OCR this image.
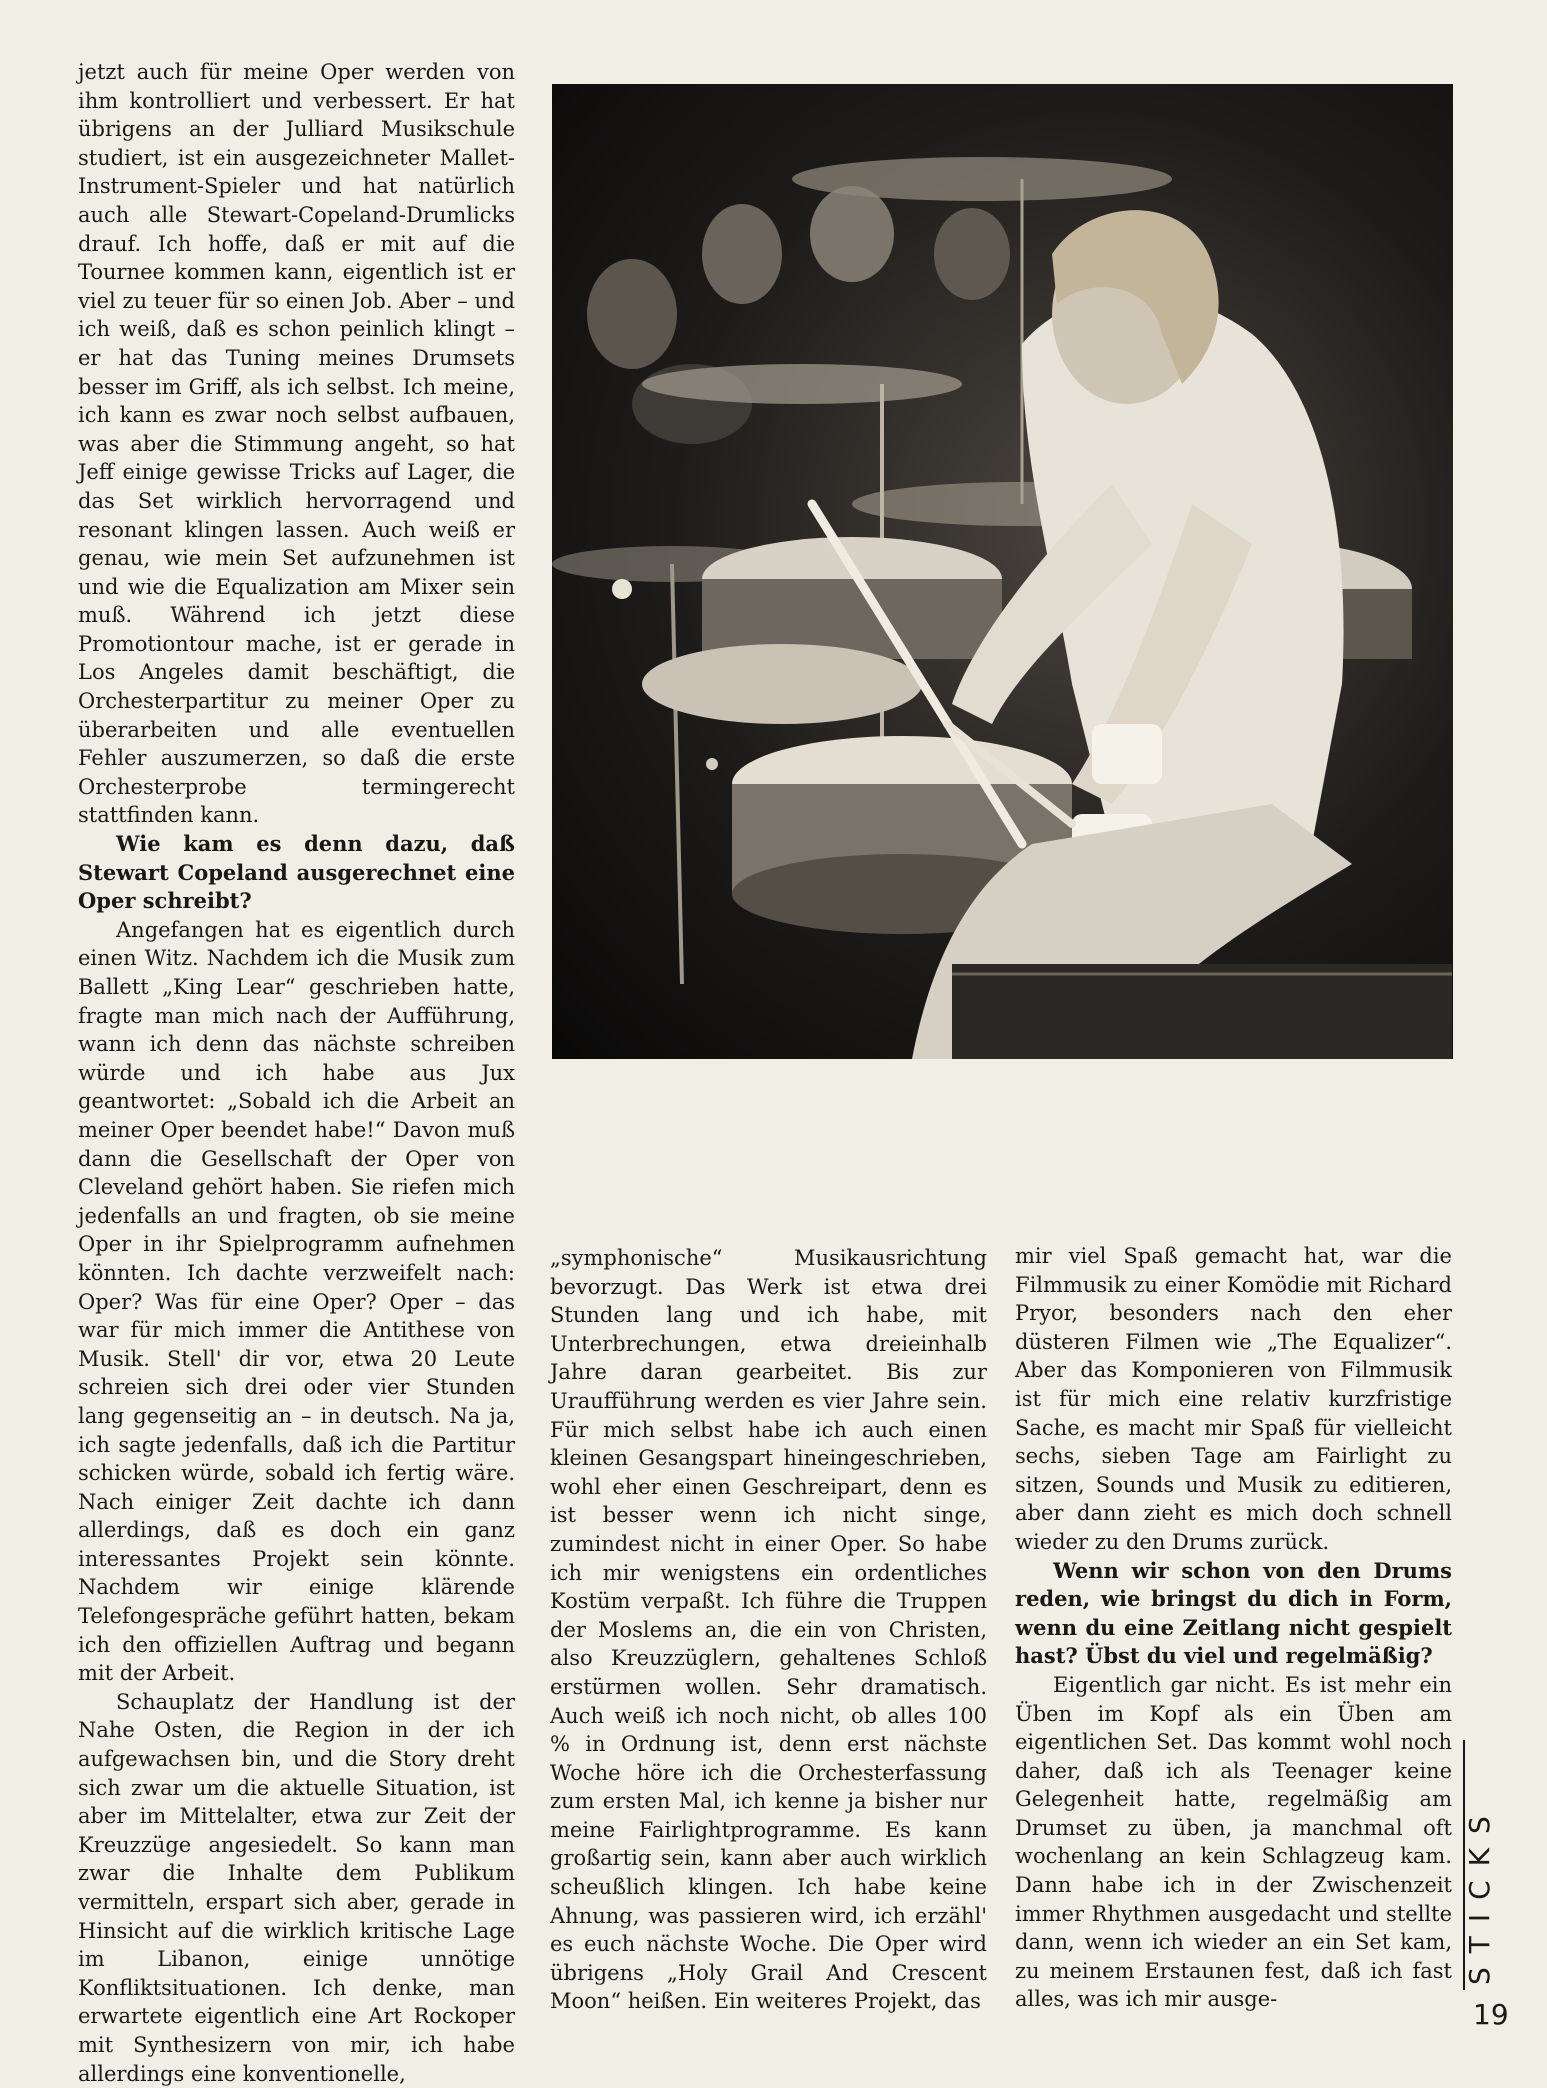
jetzt auch für meine Oper werden von ihm kontrolliert und verbessert. Er hat übrigens an der Julliard Musikschule studiert, ist ein ausgezeichneter Mallet-Instrument-Spieler und hat natürlich auch alle Stewart-Copeland-Drumlicks drauf. Ich hoffe, daß er mit auf die Tournee kommen kann, eigentlich ist er viel zu teuer für so einen Job. Aber – und ich weiß, daß es schon peinlich klingt – er hat das Tuning meines Drumsets besser im Griff, als ich selbst. Ich meine, ich kann es zwar noch selbst aufbauen, was aber die Stimmung angeht, so hat Jeff einige gewisse Tricks auf Lager, die das Set wirklich hervorragend und resonant klingen lassen. Auch weiß er genau, wie mein Set aufzunehmen ist und wie die Equalization am Mixer sein muß. Während ich jetzt diese Promotiontour mache, ist er gerade in Los Angeles damit beschäftigt, die Orchesterpartitur zu meiner Oper zu überarbeiten und alle eventuellen Fehler auszumerzen, so daß die erste Orchesterprobe termingerecht stattfinden kann.

Wie kam es denn dazu, daß Stewart Copeland ausgerechnet eine Oper schreibt?

Angefangen hat es eigentlich durch einen Witz. Nachdem ich die Musik zum Ballett „King Lear“ geschrieben hatte, fragte man mich nach der Aufführung, wann ich denn das nächste schreiben würde und ich habe aus Jux geantwortet: „Sobald ich die Arbeit an meiner Oper beendet habe!“ Davon muß dann die Gesellschaft der Oper von Cleveland gehört haben. Sie riefen mich jedenfalls an und fragten, ob sie meine Oper in ihr Spielprogramm aufnehmen könnten. Ich dachte verzweifelt nach: Oper? Was für eine Oper? Oper – das war für mich immer die Antithese von Musik. Stell' dir vor, etwa 20 Leute schreien sich drei oder vier Stunden lang gegenseitig an – in deutsch. Na ja, ich sagte jedenfalls, daß ich die Partitur schicken würde, sobald ich fertig wäre. Nach einiger Zeit dachte ich dann allerdings, daß es doch ein ganz interessantes Projekt sein könnte. Nachdem wir einige klärende Telefongespräche geführt hatten, bekam ich den offiziellen Auftrag und begann mit der Arbeit.

Schauplatz der Handlung ist der Nahe Osten, die Region in der ich aufgewachsen bin, und die Story dreht sich zwar um die aktuelle Situation, ist aber im Mittelalter, etwa zur Zeit der Kreuzzüge angesiedelt. So kann man zwar die Inhalte dem Publikum vermitteln, erspart sich aber, gerade in Hinsicht auf die wirklich kritische Lage im Libanon, einige unnötige Konfliktsituationen. Ich denke, man erwartete eigentlich eine Art Rockoper mit Synthesizern von mir, ich habe allerdings eine konventionelle,

„symphonische“ Musikausrichtung bevorzugt. Das Werk ist etwa drei Stunden lang und ich habe, mit Unterbrechungen, etwa dreieinhalb Jahre daran gearbeitet. Bis zur Uraufführung werden es vier Jahre sein. Für mich selbst habe ich auch einen kleinen Gesangspart hineingeschrieben, wohl eher einen Geschreipart, denn es ist besser wenn ich nicht singe, zumindest nicht in einer Oper. So habe ich mir wenigstens ein ordentliches Kostüm verpaßt. Ich führe die Truppen der Moslems an, die ein von Christen, also Kreuzzüglern, gehaltenes Schloß erstürmen wollen. Sehr dramatisch. Auch weiß ich noch nicht, ob alles 100 % in Ordnung ist, denn erst nächste Woche höre ich die Orchesterfassung zum ersten Mal, ich kenne ja bisher nur meine Fairlightprogramme. Es kann großartig sein, kann aber auch wirklich scheußlich klingen. Ich habe keine Ahnung, was passieren wird, ich erzähl' es euch nächste Woche. Die Oper wird übrigens „Holy Grail And Crescent Moon“ heißen. Ein weiteres Projekt, das

mir viel Spaß gemacht hat, war die Filmmusik zu einer Komödie mit Richard Pryor, besonders nach den eher düsteren Filmen wie „The Equalizer“. Aber das Komponieren von Filmmusik ist für mich eine relativ kurzfristige Sache, es macht mir Spaß für vielleicht sechs, sieben Tage am Fairlight zu sitzen, Sounds und Musik zu editieren, aber dann zieht es mich doch schnell wieder zu den Drums zurück.

Wenn wir schon von den Drums reden, wie bringst du dich in Form, wenn du eine Zeitlang nicht gespielt hast? Übst du viel und regelmäßig?

Eigentlich gar nicht. Es ist mehr ein Üben im Kopf als ein Üben am eigentlichen Set. Das kommt wohl noch daher, daß ich als Teenager keine Gelegenheit hatte, regelmäßig am Drumset zu üben, ja manchmal oft wochenlang an kein Schlagzeug kam. Dann habe ich in der Zwischenzeit immer Rhythmen ausgedacht und stellte dann, wenn ich wieder an ein Set kam, zu meinem Erstaunen fest, daß ich fast alles, was ich mir ausge-

STICKS
19
